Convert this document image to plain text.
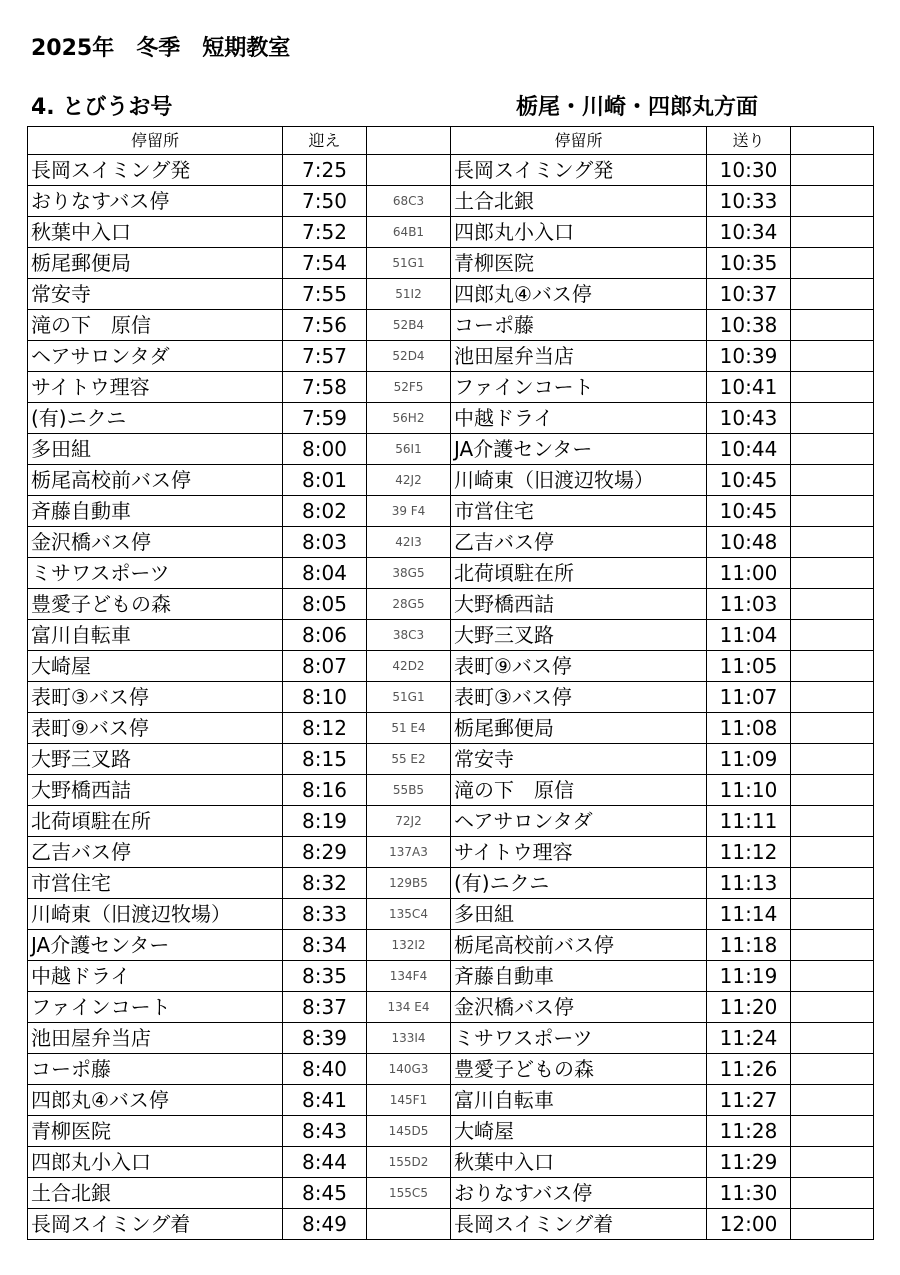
2025年　冬季　短期教室
4. とびうお号	栃尾・川崎・四郎丸方面
停留所	迎え		停留所	送り	
長岡スイミング発	7:25		長岡スイミング発	10:30	
おりなすバス停	7:50	68C3	土合北銀	10:33	
秋葉中入口	7:52	64B1	四郎丸小入口	10:34	
栃尾郵便局	7:54	51G1	青柳医院	10:35	
常安寺	7:55	51I2	四郎丸④バス停	10:37	
滝の下　原信	7:56	52B4	コーポ藤	10:38	
ヘアサロンタダ	7:57	52D4	池田屋弁当店	10:39	
サイトウ理容	7:58	52F5	ファインコート	10:41	
(有)ニクニ	7:59	56H2	中越ドライ	10:43	
多田組	8:00	56I1	JA介護センター	10:44	
栃尾高校前バス停	8:01	42J2	川崎東（旧渡辺牧場）	10:45	
斉藤自動車	8:02	39 F4	市営住宅	10:45	
金沢橋バス停	8:03	42I3	乙吉バス停	10:48	
ミサワスポーツ	8:04	38G5	北荷頃駐在所	11:00	
豊愛子どもの森	8:05	28G5	大野橋西詰	11:03	
富川自転車	8:06	38C3	大野三叉路	11:04	
大崎屋	8:07	42D2	表町⑨バス停	11:05	
表町③バス停	8:10	51G1	表町③バス停	11:07	
表町⑨バス停	8:12	51 E4	栃尾郵便局	11:08	
大野三叉路	8:15	55 E2	常安寺	11:09	
大野橋西詰	8:16	55B5	滝の下　原信	11:10	
北荷頃駐在所	8:19	72J2	ヘアサロンタダ	11:11	
乙吉バス停	8:29	137A3	サイトウ理容	11:12	
市営住宅	8:32	129B5	(有)ニクニ	11:13	
川崎東（旧渡辺牧場）	8:33	135C4	多田組	11:14	
JA介護センター	8:34	132I2	栃尾高校前バス停	11:18	
中越ドライ	8:35	134F4	斉藤自動車	11:19	
ファインコート	8:37	134 E4	金沢橋バス停	11:20	
池田屋弁当店	8:39	133I4	ミサワスポーツ	11:24	
コーポ藤	8:40	140G3	豊愛子どもの森	11:26	
四郎丸④バス停	8:41	145F1	富川自転車	11:27	
青柳医院	8:43	145D5	大崎屋	11:28	
四郎丸小入口	8:44	155D2	秋葉中入口	11:29	
土合北銀	8:45	155C5	おりなすバス停	11:30	
長岡スイミング着	8:49		長岡スイミング着	12:00	
